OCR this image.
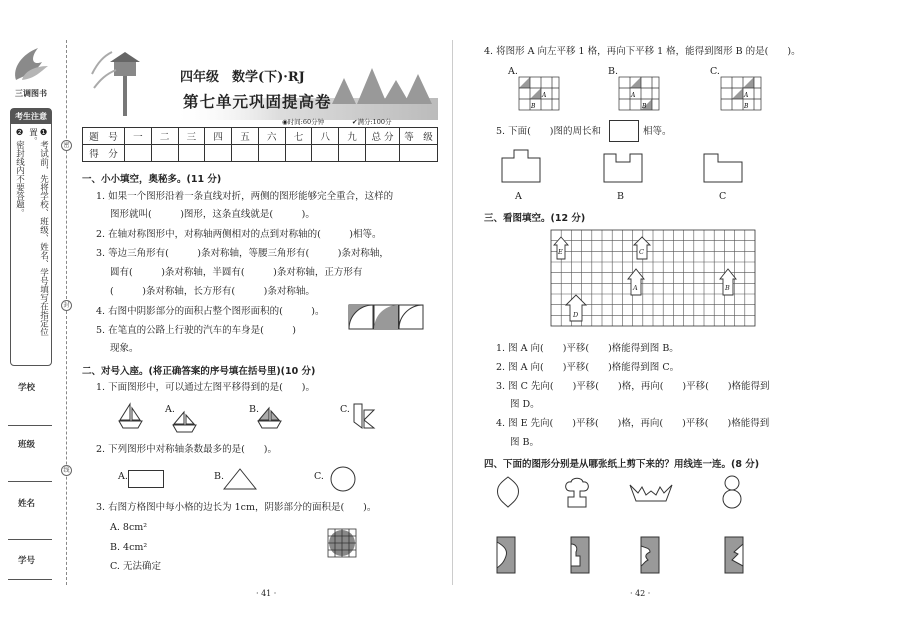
三调图书
考生注意
❶ 考试前，先将学校、班级、姓名、学号填写在指定位置。
❷ 密封线内不要答题。
学校
班级
姓名
学号
密
封
线
四年级　数学(下)·RJ
第七单元巩固提高卷
◉时间:60分钟	✔满分:100分
题　号	一	二	三	四	五	六	七	八	九	总 分	等　级
得　分											
一、小小填空，奥秘多。(11 分)
1. 如果一个图形沿着一条直线对折，两侧的图形能够完全重合，这样的
图形就叫(　　　)图形，这条直线就是(　　　)。
2. 在轴对称图形中，对称轴两侧相对的点到对称轴的(　　　)相等。
3. 等边三角形有(　　　)条对称轴，等腰三角形有(　　　)条对称轴，
圆有(　　　)条对称轴，半圆有(　　　)条对称轴，正方形有
(　　　)条对称轴，长方形有(　　　)条对称轴。
4. 右图中阴影部分的面积占整个图形面积的(　　　)。
5. 在笔直的公路上行驶的汽车的车身是(　　　)
现象。
二、对号入座。(将正确答案的序号填在括号里)(10 分)
1. 下面图形中，可以通过左图平移得到的是(　　)。
A.	B.	C.
2. 下列图形中对称轴条数最多的是(　　)。
A.	B.	C.
3. 右图方格图中每小格的边长为 1cm，阴影部分的面积是(　　)。
A. 8cm²
B. 4cm²
C. 无法确定
· 41 ·
4. 将图形 A 向左平移 1 格，再向下平移 1 格，能得到图形 B 的是(　　)。
A.
A
B
B.
A
B
C.
A
B
5. 下面(　　)图的周长和	相等。
A	B	C
三、看图填空。(12 分)
E	C
A	B
D
1. 图 A 向(　　)平移(　　)格能得到图 B。
2. 图 A 向(　　)平移(　　)格能得到图 C。
3. 图 C 先向(　　)平移(　　)格，再向(　　)平移(　　)格能得到
图 D。
4. 图 E 先向(　　)平移(　　)格，再向(　　)平移(　　)格能得到
图 B。
四、下面的图形分别是从哪张纸上剪下来的？用线连一连。(8 分)
· 42 ·
